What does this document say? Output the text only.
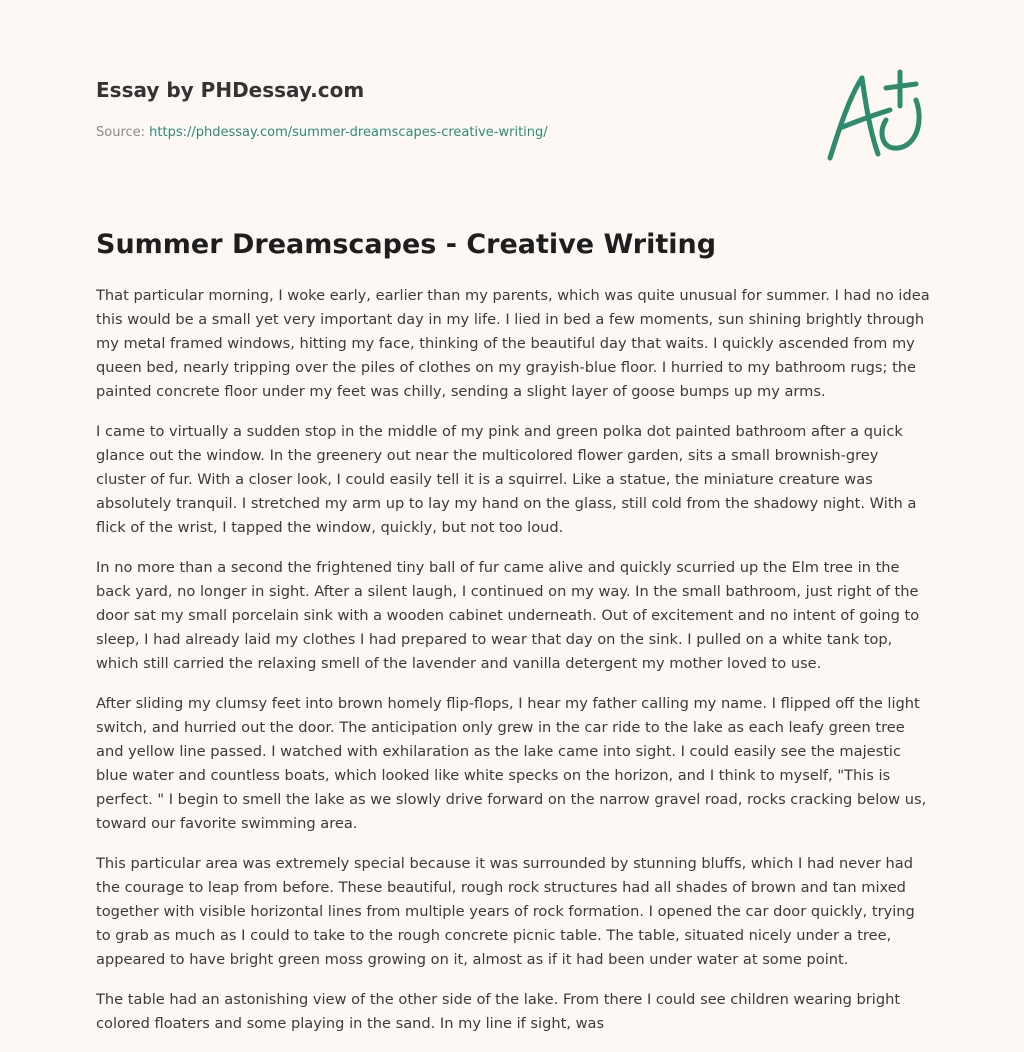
Essay by PHDessay.com
Source: https://phdessay.com/summer-dreamscapes-creative-writing/
Summer Dreamscapes - Creative Writing

That particular morning, I woke early, earlier than my parents, which was quite unusual for summer. I had no idea this would be a small yet very important day in my life. I lied in bed a few moments, sun shining brightly through my metal framed windows, hitting my face, thinking of the beautiful day that waits. I quickly ascended from my queen bed, nearly tripping over the piles of clothes on my grayish-blue floor. I hurried to my bathroom rugs; the painted concrete floor under my feet was chilly, sending a slight layer of goose bumps up my arms.

I came to virtually a sudden stop in the middle of my pink and green polka dot painted bathroom after a quick glance out the window. In the greenery out near the multicolored flower garden, sits a small brownish-grey cluster of fur. With a closer look, I could easily tell it is a squirrel. Like a statue, the miniature creature was absolutely tranquil. I stretched my arm up to lay my hand on the glass, still cold from the shadowy night. With a flick of the wrist, I tapped the window, quickly, but not too loud.

In no more than a second the frightened tiny ball of fur came alive and quickly scurried up the Elm tree in the back yard, no longer in sight. After a silent laugh, I continued on my way. In the small bathroom, just right of the door sat my small porcelain sink with a wooden cabinet underneath. Out of excitement and no intent of going to sleep, I had already laid my clothes I had prepared to wear that day on the sink. I pulled on a white tank top, which still carried the relaxing smell of the lavender and vanilla detergent my mother loved to use.

After sliding my clumsy feet into brown homely flip-flops, I hear my father calling my name. I flipped off the light switch, and hurried out the door. The anticipation only grew in the car ride to the lake as each leafy green tree and yellow line passed. I watched with exhilaration as the lake came into sight. I could easily see the majestic blue water and countless boats, which looked like white specks on the horizon, and I think to myself, "This is perfect. " I begin to smell the lake as we slowly drive forward on the narrow gravel road, rocks cracking below us, toward our favorite swimming area.

This particular area was extremely special because it was surrounded by stunning bluffs, which I had never had the courage to leap from before. These beautiful, rough rock structures had all shades of brown and tan mixed together with visible horizontal lines from multiple years of rock formation. I opened the car door quickly, trying to grab as much as I could to take to the rough concrete picnic table. The table, situated nicely under a tree, appeared to have bright green moss growing on it, almost as if it had been under water at some point.

The table had an astonishing view of the other side of the lake. From there I could see children wearing bright colored floaters and some playing in the sand. In my line if sight, was
